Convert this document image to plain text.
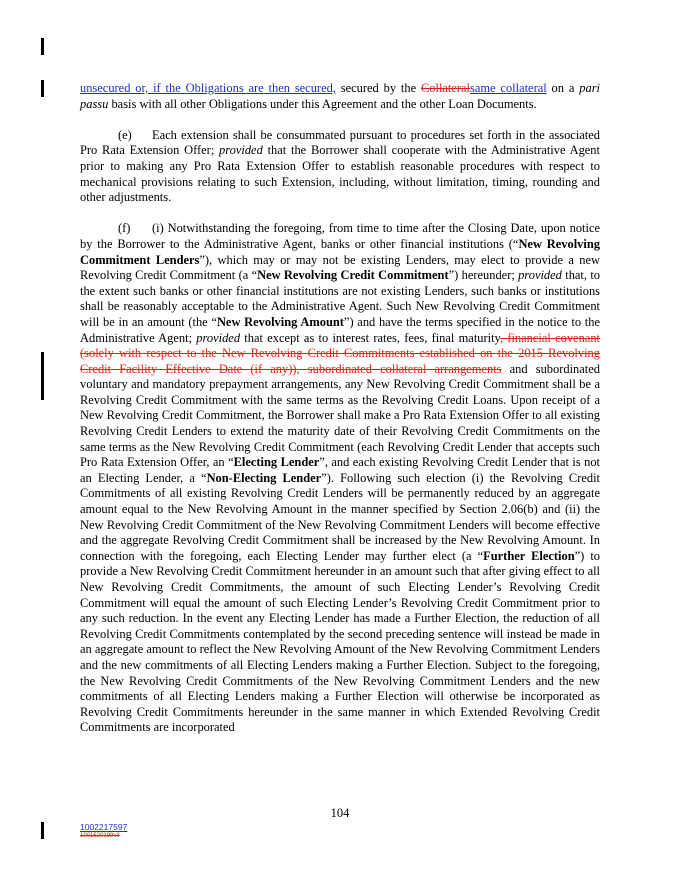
unsecured or, if the Obligations are then secured, secured by the Collateralsame collateral on a pari passu basis with all other Obligations under this Agreement and the other Loan Documents.

(e) Each extension shall be consummated pursuant to procedures set forth in the associated Pro Rata Extension Offer; provided that the Borrower shall cooperate with the Administrative Agent prior to making any Pro Rata Extension Offer to establish reasonable procedures with respect to mechanical provisions relating to such Extension, including, without limitation, timing, rounding and other adjustments.

(f) (i) Notwithstanding the foregoing, from time to time after the Closing Date, upon notice by the Borrower to the Administrative Agent, banks or other financial institutions (“New Revolving Commitment Lenders”), which may or may not be existing Lenders, may elect to provide a new Revolving Credit Commitment (a “New Revolving Credit Commitment”) hereunder; provided that, to the extent such banks or other financial institutions are not existing Lenders, such banks or institutions shall be reasonably acceptable to the Administrative Agent. Such New Revolving Credit Commitment will be in an amount (the “New Revolving Amount”) and have the terms specified in the notice to the Administrative Agent; provided that except as to interest rates, fees, final maturity, financial covenant (solely with respect to the New Revolving Credit Commitments established on the 2015 Revolving Credit Facility Effective Date (if any)), subordinated collateral arrangements and subordinated voluntary and mandatory prepayment arrangements, any New Revolving Credit Commitment shall be a Revolving Credit Commitment with the same terms as the Revolving Credit Loans. Upon receipt of a New Revolving Credit Commitment, the Borrower shall make a Pro Rata Extension Offer to all existing Revolving Credit Lenders to extend the maturity date of their Revolving Credit Commitments on the same terms as the New Revolving Credit Commitment (each Revolving Credit Lender that accepts such Pro Rata Extension Offer, an “Electing Lender”, and each existing Revolving Credit Lender that is not an Electing Lender, a “Non-Electing Lender”). Following such election (i) the Revolving Credit Commitments of all existing Revolving Credit Lenders will be permanently reduced by an aggregate amount equal to the New Revolving Amount in the manner specified by Section 2.06(b) and (ii) the New Revolving Credit Commitment of the New Revolving Commitment Lenders will become effective and the aggregate Revolving Credit Commitment shall be increased by the New Revolving Amount. In connection with the foregoing, each Electing Lender may further elect (a “Further Election”) to provide a New Revolving Credit Commitment hereunder in an amount such that after giving effect to all New Revolving Credit Commitments, the amount of such Electing Lender’s Revolving Credit Commitment will equal the amount of such Electing Lender’s Revolving Credit Commitment prior to any such reduction. In the event any Electing Lender has made a Further Election, the reduction of all Revolving Credit Commitments contemplated by the second preceding sentence will instead be made in an aggregate amount to reflect the New Revolving Amount of the New Revolving Commitment Lenders and the new commitments of all Electing Lenders making a Further Election. Subject to the foregoing, the New Revolving Credit Commitments of the New Revolving Commitment Lenders and the new commitments of all Electing Lenders making a Further Election will otherwise be incorporated as Revolving Credit Commitments hereunder in the same manner in which Extended Revolving Credit Commitments are incorporated

104
1002217597
1001520199v3
